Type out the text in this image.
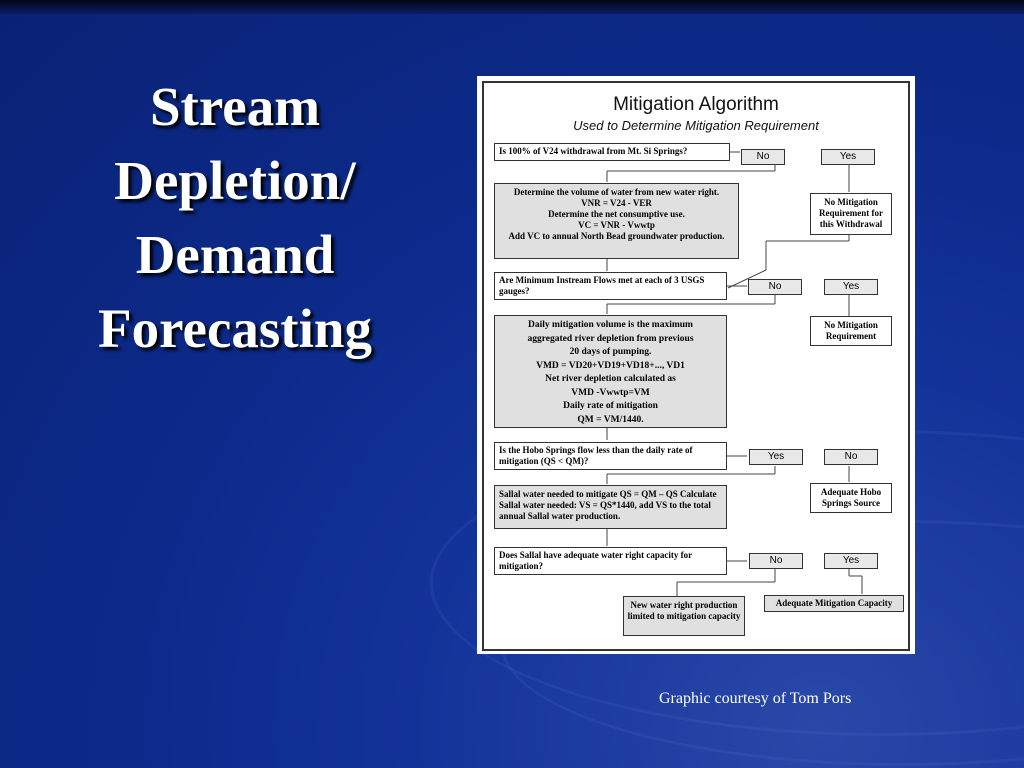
Stream
Depletion/
Demand
Forecasting
Mitigation Algorithm
Used to Determine Mitigation Requirement
Is 100% of V24 withdrawal from Mt. Si Springs?	No	Yes
Determine the volume of water from new water right.
VNR = V24 - VER
Determine the net consumptive use.
VC = VNR - Vwwtp
Add VC to annual North Bead groundwater production.
No Mitigation Requirement for this Withdrawal
Are Minimum Instream Flows met at each of 3 USGS gauges?	No	Yes
Daily mitigation volume is the maximum
aggregated river depletion from previous
20 days of pumping.
VMD = VD20+VD19+VD18+..., VD1
Net river depletion calculated as
VMD -Vwwtp=VM
Daily rate of mitigation
QM = VM/1440.
No Mitigation Requirement
Is the Hobo Springs flow less than the daily rate of mitigation (QS < QM)?	Yes	No
Sallal water needed to mitigate QS = QM – QS Calculate Sallal water needed: VS = QS*1440, add VS to the total annual Sallal water production.
Adequate Hobo Springs Source
Does Sallal have adequate water right capacity for mitigation?	No	Yes
New water right production limited to mitigation capacity
Adequate Mitigation Capacity
Graphic courtesy of Tom Pors
